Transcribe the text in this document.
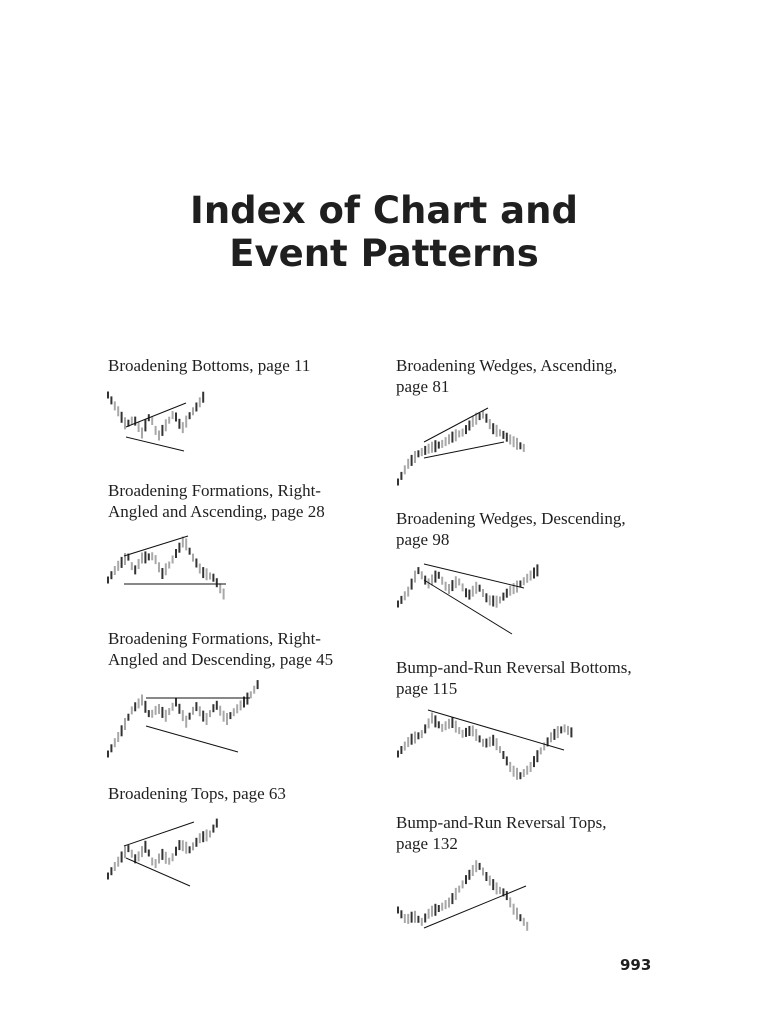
Index of Chart and
Event Patterns

Broadening Bottoms, page 11

Broadening Formations, Right-
Angled and Ascending, page 28

Broadening Formations, Right-
Angled and Descending, page 45

Broadening Tops, page 63

Broadening Wedges, Ascending,
page 81

Broadening Wedges, Descending,
page 98

Bump-and-Run Reversal Bottoms,
page 115

Bump-and-Run Reversal Tops,
page 132

993
